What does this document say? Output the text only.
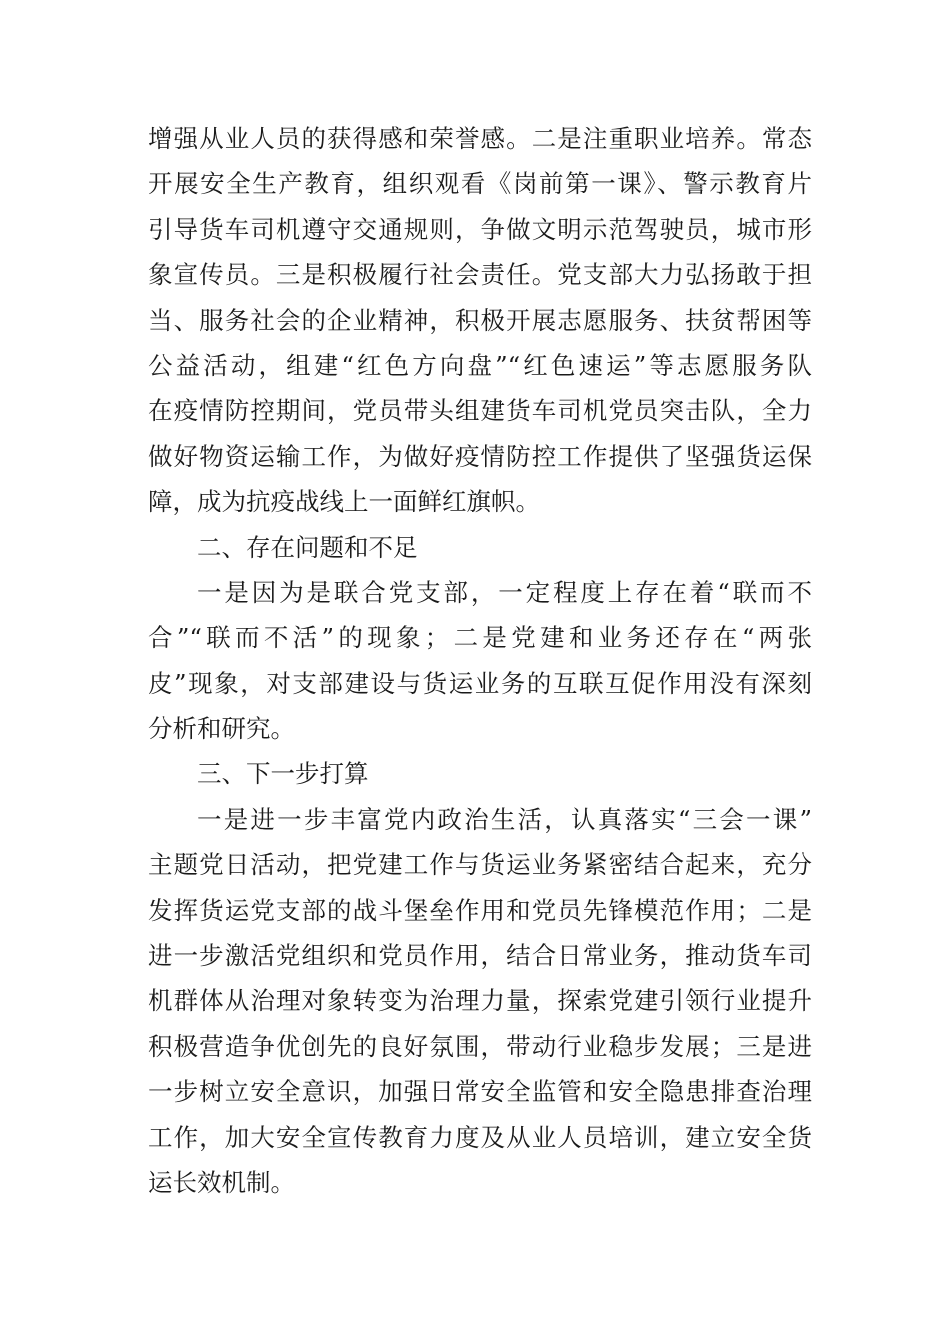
增强从业人员的获得感和荣誉感。二是注重职业培养。常态
开展安全生产教育，组织观看《岗前第一课》、警示教育片
引导货车司机遵守交通规则，争做文明示范驾驶员，城市形
象宣传员。三是积极履行社会责任。党支部大力弘扬敢于担
当、服务社会的企业精神，积极开展志愿服务、扶贫帮困等
公益活动，组建“红色方向盘”“红色速运”等志愿服务队
在疫情防控期间，党员带头组建货车司机党员突击队，全力
做好物资运输工作，为做好疫情防控工作提供了坚强货运保
障，成为抗疫战线上一面鲜红旗帜。
二、存在问题和不足
一是因为是联合党支部，一定程度上存在着“联而不
合”“联而不活”的现象；二是党建和业务还存在“两张
皮”现象，对支部建设与货运业务的互联互促作用没有深刻
分析和研究。
三、下一步打算
一是进一步丰富党内政治生活，认真落实“三会一课”
主题党日活动，把党建工作与货运业务紧密结合起来，充分
发挥货运党支部的战斗堡垒作用和党员先锋模范作用；二是
进一步激活党组织和党员作用，结合日常业务，推动货车司
机群体从治理对象转变为治理力量，探索党建引领行业提升
积极营造争优创先的良好氛围，带动行业稳步发展；三是进
一步树立安全意识，加强日常安全监管和安全隐患排查治理
工作，加大安全宣传教育力度及从业人员培训，建立安全货
运长效机制。
